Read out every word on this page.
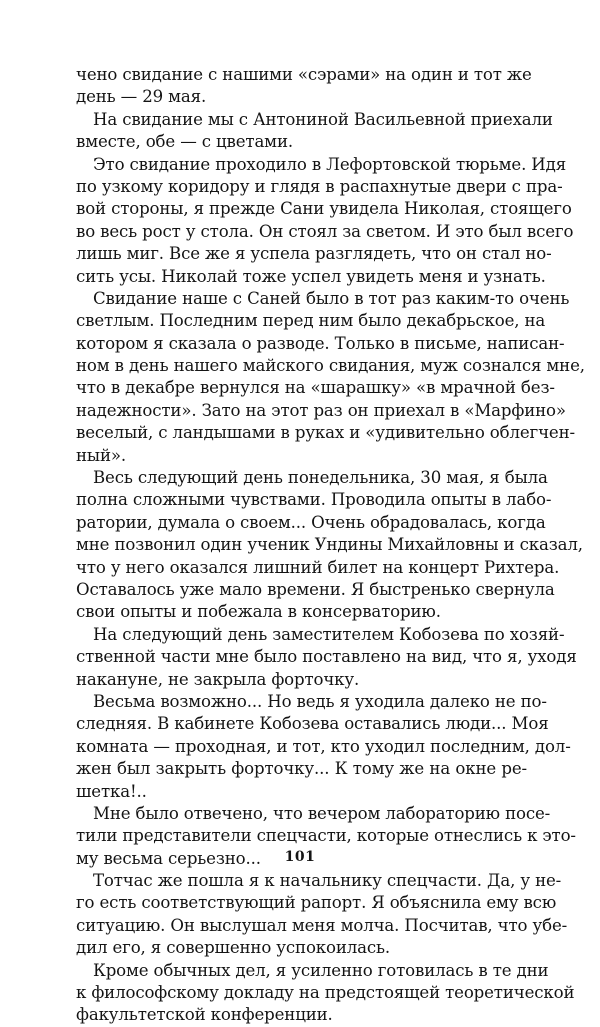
чено свидание с нашими «сэрами» на один и тот же
день — 29 мая.
На свидание мы с Антониной Васильевной приехали
вместе, обе — с цветами.
Это свидание проходило в Лефортовской тюрьме. Идя
по узкому коридору и глядя в распахнутые двери с пра-
вой стороны, я прежде Сани увидела Николая, стоящего
во весь рост у стола. Он стоял за светом. И это был всего
лишь миг. Все же я успела разглядеть, что он стал но-
сить усы. Николай тоже успел увидеть меня и узнать.
Свидание наше с Саней было в тот раз каким-то очень
светлым. Последним перед ним было декабрьское, на
котором я сказала о разводе. Только в письме, написан-
ном в день нашего майского свидания, муж сознался мне,
что в декабре вернулся на «шарашку» «в мрачной без-
надежности». Зато на этот раз он приехал в «Марфино»
веселый, с ландышами в руках и «удивительно облегчен-
ный».
Весь следующий день понедельника, 30 мая, я была
полна сложными чувствами. Проводила опыты в лабо-
ратории, думала о своем... Очень обрадовалась, когда
мне позвонил один ученик Ундины Михайловны и сказал,
что у него оказался лишний билет на концерт Рихтера.
Оставалось уже мало времени. Я быстренько свернула
свои опыты и побежала в консерваторию.
На следующий день заместителем Кобозева по хозяй-
ственной части мне было поставлено на вид, что я, уходя
накануне, не закрыла форточку.
Весьма возможно... Но ведь я уходила далеко не по-
следняя. В кабинете Кобозева оставались люди... Моя
комната — проходная, и тот, кто уходил последним, дол-
жен был закрыть форточку... К тому же на окне ре-
шетка!..
Мне было отвечено, что вечером лабораторию посе-
тили представители спецчасти, которые отнеслись к это-
му весьма серьезно...
Тотчас же пошла я к начальнику спецчасти. Да, у не-
го есть соответствующий рапорт. Я объяснила ему всю
ситуацию. Он выслушал меня молча. Посчитав, что убе-
дил его, я совершенно успокоилась.
Кроме обычных дел, я усиленно готовилась в те дни
к философскому докладу на предстоящей теоретической
факультетской конференции.
101
